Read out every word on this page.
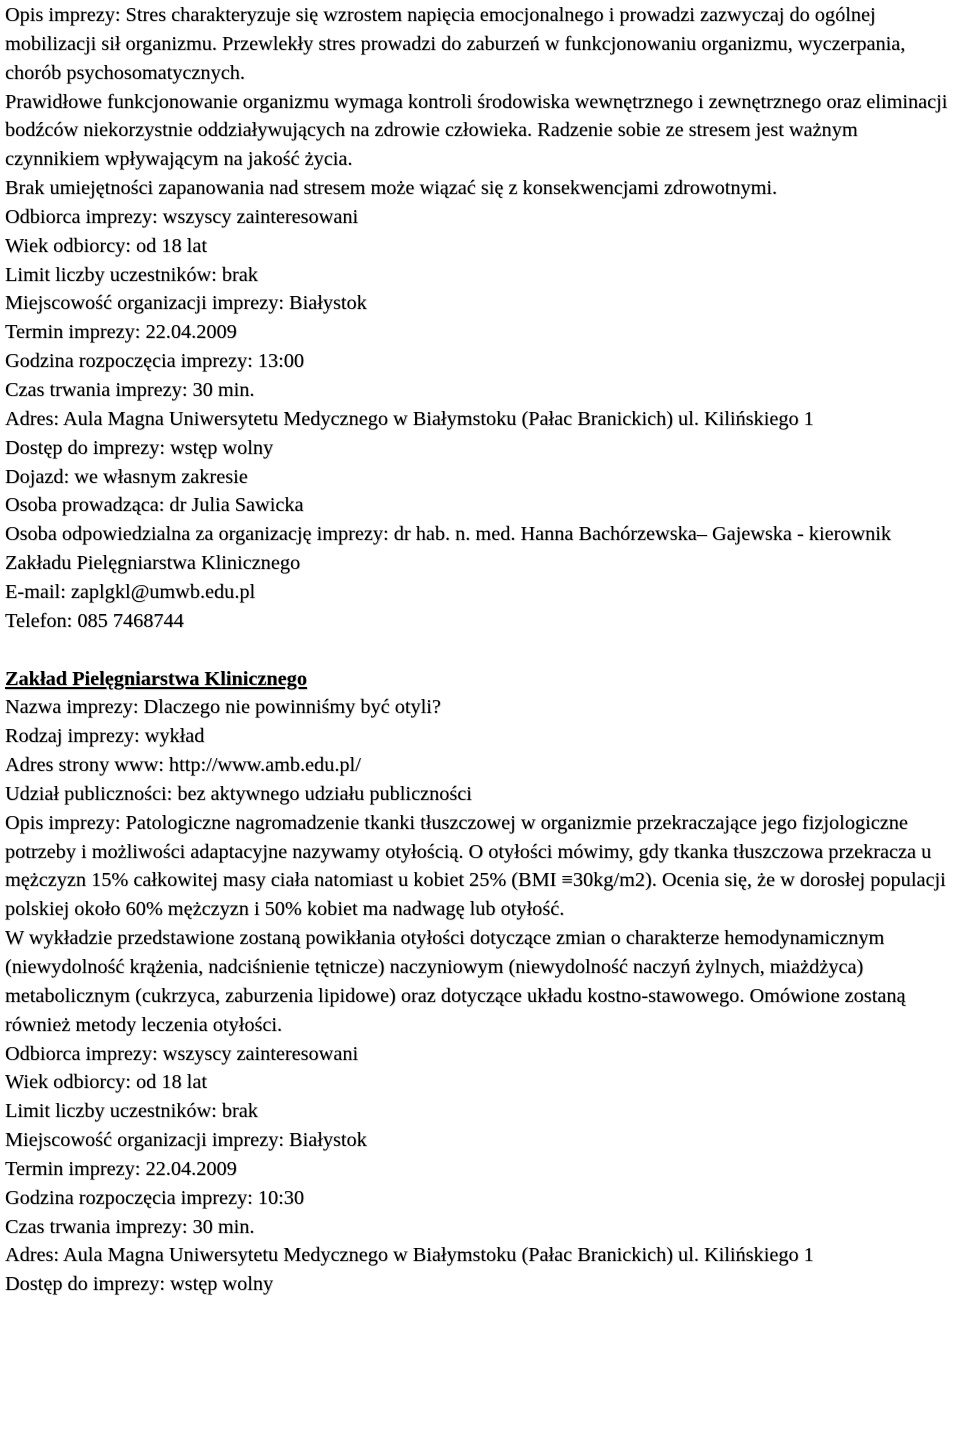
Opis imprezy: Stres charakteryzuje się wzrostem napięcia emocjonalnego i prowadzi zazwyczaj do ogólnej mobilizacji sił organizmu. Przewlekły stres prowadzi do zaburzeń w funkcjonowaniu organizmu, wyczerpania, chorób psychosomatycznych.

Prawidłowe funkcjonowanie organizmu wymaga kontroli środowiska wewnętrznego i zewnętrznego oraz eliminacji bodźców niekorzystnie oddziaływujących na zdrowie człowieka. Radzenie sobie ze stresem jest ważnym czynnikiem wpływającym na jakość życia.

Brak umiejętności zapanowania nad stresem może wiązać się z konsekwencjami zdrowotnymi.

Odbiorca imprezy: wszyscy zainteresowani

Wiek odbiorcy: od 18 lat

Limit liczby uczestników: brak

Miejscowość organizacji imprezy: Białystok

Termin imprezy: 22.04.2009

Godzina rozpoczęcia imprezy: 13:00

Czas trwania imprezy: 30 min.

Adres: Aula Magna Uniwersytetu Medycznego w Białymstoku (Pałac Branickich) ul. Kilińskiego 1

Dostęp do imprezy: wstęp wolny

Dojazd: we własnym zakresie

Osoba prowadząca: dr Julia Sawicka

Osoba odpowiedzialna za organizację imprezy: dr hab. n. med. Hanna Bachórzewska– Gajewska - kierownik Zakładu Pielęgniarstwa Klinicznego

E-mail: zaplgkl@umwb.edu.pl

Telefon: 085 7468744

Zakład Pielęgniarstwa Klinicznego

Nazwa imprezy: Dlaczego nie powinniśmy być otyli?

Rodzaj imprezy: wykład

Adres strony www: http://www.amb.edu.pl/

Udział publiczności: bez aktywnego udziału publiczności

Opis imprezy: Patologiczne nagromadzenie tkanki tłuszczowej w organizmie przekraczające jego fizjologiczne potrzeby i możliwości adaptacyjne nazywamy otyłością. O otyłości mówimy, gdy tkanka tłuszczowa przekracza u mężczyzn 15% całkowitej masy ciała natomiast u kobiet 25% (BMI ≡30kg/m2). Ocenia się, że w dorosłej populacji polskiej około 60% mężczyzn i 50% kobiet ma nadwagę lub otyłość.

W wykładzie przedstawione zostaną powikłania otyłości dotyczące zmian o charakterze hemodynamicznym (niewydolność krążenia, nadciśnienie tętnicze) naczyniowym (niewydolność naczyń żylnych, miażdżyca) metabolicznym (cukrzyca, zaburzenia lipidowe) oraz dotyczące układu kostno-stawowego. Omówione zostaną również metody leczenia otyłości.

Odbiorca imprezy: wszyscy zainteresowani

Wiek odbiorcy: od 18 lat

Limit liczby uczestników: brak

Miejscowość organizacji imprezy: Białystok

Termin imprezy: 22.04.2009

Godzina rozpoczęcia imprezy: 10:30

Czas trwania imprezy: 30 min.

Adres: Aula Magna Uniwersytetu Medycznego w Białymstoku (Pałac Branickich) ul. Kilińskiego 1

Dostęp do imprezy: wstęp wolny
